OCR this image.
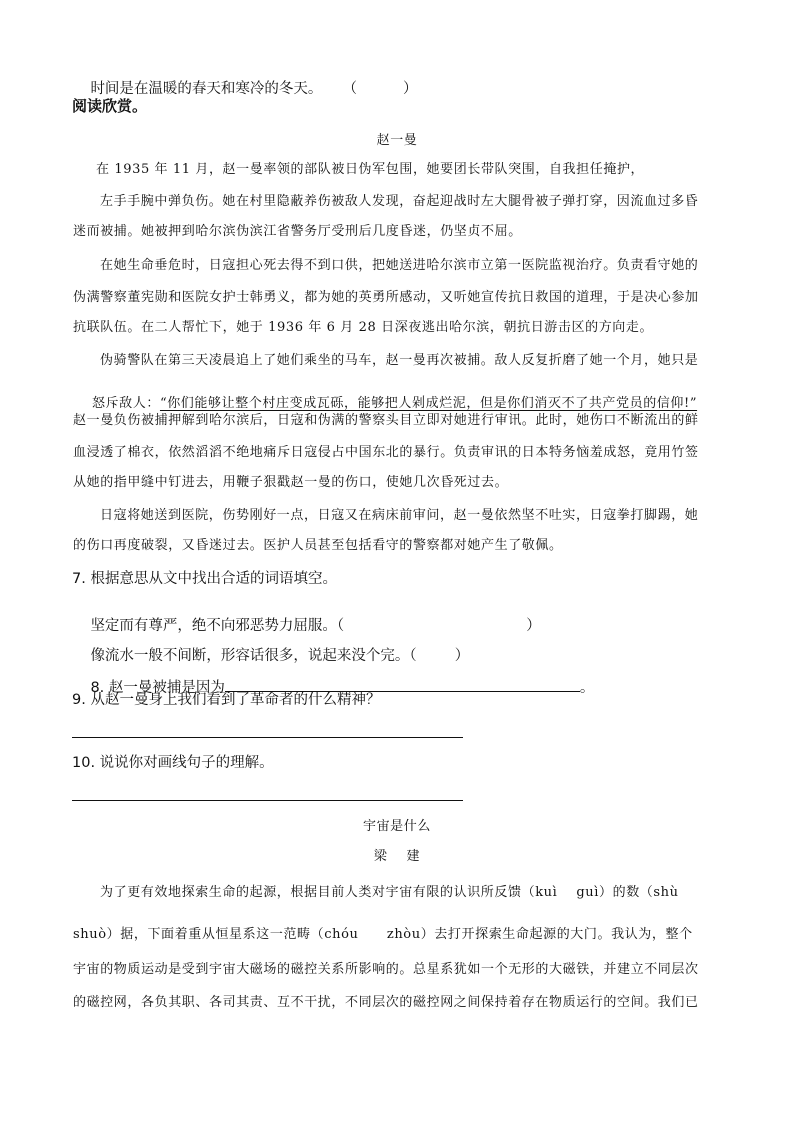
时间是在温暖的春天和寒冷的冬天。 （          ）

阅读欣赏。
赵一曼
在 1935 年 11 月，赵一曼率领的部队被日伪军包围，她要团长带队突围，自我担任掩护，
左手手腕中弹负伤。她在村里隐蔽养伤被敌人发现，奋起迎战时左大腿骨被子弹打穿，因流血过多昏
迷而被捕。她被押到哈尔滨伪滨江省警务厅受刑后几度昏迷，仍坚贞不屈。
在她生命垂危时，日寇担心死去得不到口供，把她送进哈尔滨市立第一医院监视治疗。负责看守她的
伪满警察董宪勋和医院女护士韩勇义，都为她的英勇所感动，又听她宣传抗日救国的道理，于是决心参加
抗联队伍。在二人帮忙下，她于 1936 年 6 月 28 日深夜逃出哈尔滨，朝抗日游击区的方向走。
伪骑警队在第三天凌晨追上了她们乘坐的马车，赵一曼再次被捕。敌人反复折磨了她一个月，她只是

怒斥敌人：“你们能够让整个村庄变成瓦砾，能够把人剁成烂泥，但是你们消灭不了共产党员的信仰!”

赵一曼负伤被捕押解到哈尔滨后，日寇和伪满的警察头目立即对她进行审讯。此时，她伤口不断流出的鲜
血浸透了棉衣，依然滔滔不绝地痛斥日寇侵占中国东北的暴行。负责审讯的日本特务恼羞成怒，竟用竹签
从她的指甲缝中钉进去，用鞭子狠戳赵一曼的伤口，使她几次昏死过去。
日寇将她送到医院，伤势刚好一点，日寇又在病床前审问，赵一曼依然坚不吐实，日寇拳打脚踢，她
的伤口再度破裂，又昏迷过去。医护人员甚至包括看守的警察都对她产生了敬佩。
7. 根据意思从文中找出合适的词语填空。

坚定而有尊严，绝不向邪恶势力屈服。（	）

像流水一般不间断，形容话很多，说起来没个完。（	）

8. 赵一曼被捕是因为	。

9. 从赵一曼身上我们看到了革命者的什么精神？
10. 说说你对画线句子的理解。
宇宙是什么
梁    建
为了更有效地探索生命的起源，根据目前人类对宇宙有限的认识所反馈（kuì    guì）的数（shù
shuò）据，下面着重从恒星系这一范畴（chóu      zhòu）去打开探索生命起源的大门。我认为，整个
宇宙的物质运动是受到宇宙大磁场的磁控关系所影响的。总星系犹如一个无形的大磁铁，并建立不同层次
的磁控网，各负其职、各司其责、互不干扰，不同层次的磁控网之间保持着存在物质运行的空间。我们已
